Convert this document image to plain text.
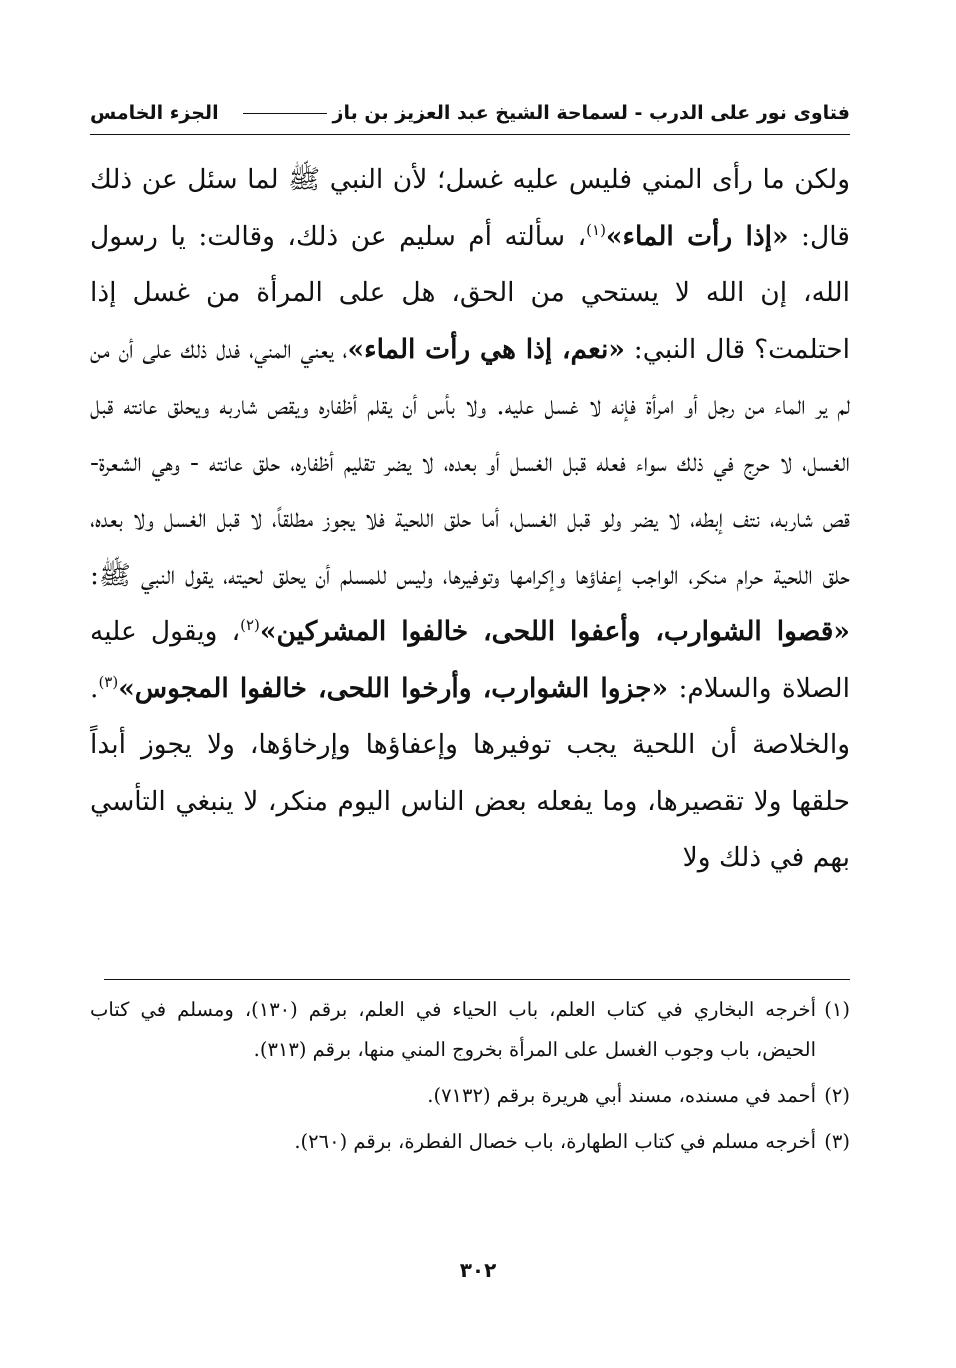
فتاوى نور على الدرب - لسماحة الشيخ عبد العزيز بن باز
الجزء الخامس

ولكن ما رأى المني فليس عليه غسل؛ لأن النبي ﷺ لما سئل عن ذلك قال: «إذا رأت الماء»$^{(١)}$، سألته أم سليم عن ذلك، وقالت: يا رسول الله، إن الله لا يستحي من الحق، هل على المرأة من غسل إذا احتلمت؟ قال النبي: «نعم، إذا هي رأت الماء»، يعني المني، فدل ذلك على أن من لم ير الماء من رجل أو امرأة فإنه لا غسل عليه. ولا بأس أن يقلم أظفاره ويقص شاربه ويحلق عانته قبل الغسل، لا حرج في ذلك سواء فعله قبل الغسل أو بعده، لا يضر تقليم أظفاره، حلق عانته - وهي الشعرة- قص شاربه، نتف إبطه، لا يضر ولو قبل الغسل، أما حلق اللحية فلا يجوز مطلقاً، لا قبل الغسل ولا بعده، حلق اللحية حرام منكر، الواجب إعفاؤها وإكرامها وتوفيرها، وليس للمسلم أن يحلق لحيته، يقول النبي ﷺ: «قصوا الشوارب، وأعفوا اللحى، خالفوا المشركين»$^{(٢)}$، ويقول عليه الصلاة والسلام: «جزوا الشوارب، وأرخوا اللحى، خالفوا المجوس»$^{(٣)}$. والخلاصة أن اللحية يجب توفيرها وإعفاؤها وإرخاؤها، ولا يجوز أبداً حلقها ولا تقصيرها، وما يفعله بعض الناس اليوم منكر، لا ينبغي التأسي بهم في ذلك ولا

(١)
أخرجه البخاري في كتاب العلم، باب الحياء في العلم، برقم (١٣٠)، ومسلم في كتاب الحيض، باب وجوب الغسل على المرأة بخروج المني منها، برقم (٣١٣).

(٢)
أحمد في مسنده، مسند أبي هريرة برقم (٧١٣٢).

(٣)
أخرجه مسلم في كتاب الطهارة، باب خصال الفطرة، برقم (٢٦٠).

٣٠٢
